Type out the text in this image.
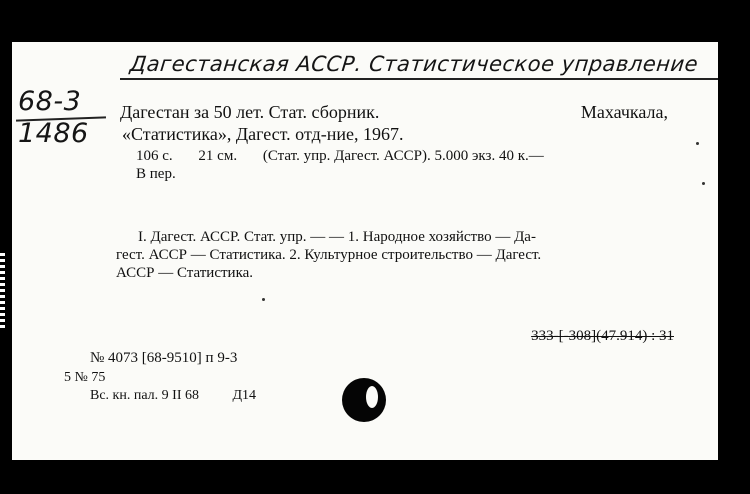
Дагестанская АССР. Статистическое управление
68-3
1486
Дагестан за 50 лет. Стат. сборник.	Махачкала,
«Статистика», Дагест. отд-ние, 1967.
106 с. 21 см. (Стат. упр. Дагест. АССР). 5.000 экз. 40 к.—
В пер.
I. Дагест. АССР. Стат. упр. — — 1. Народное хозяйство — Да-
гест. АССР — Статистика. 2. Культурное строительство — Дагест.
АССР — Статистика.
333-[-308](47.914) : 31
№ 4073 [68-9510] п 9-3
5 № 75
Вс. кн. пал. 9 II 68 Д14
